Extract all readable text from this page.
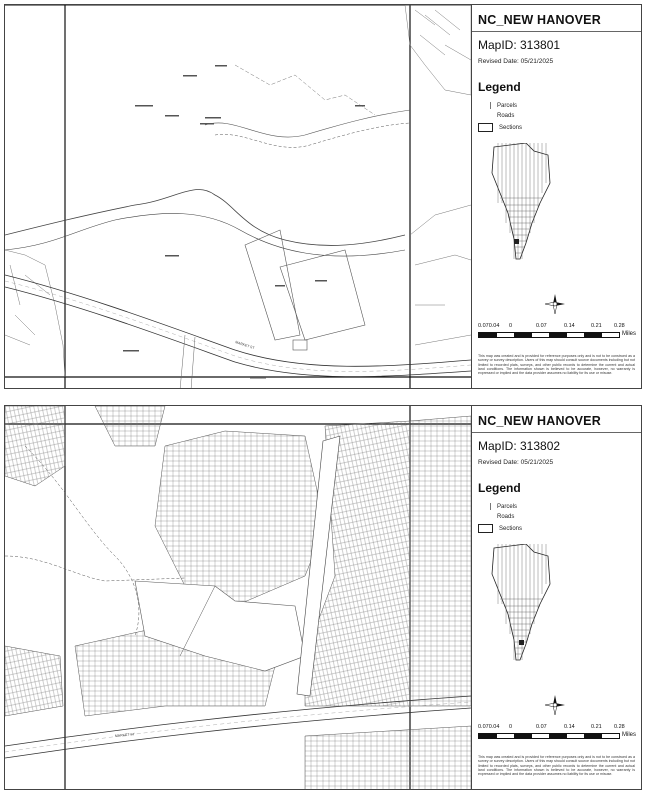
MARKET ST
NC_NEW HANOVER
MapID: 313801
Revised Date: 05/21/2025
Legend
Parcels
Roads
Sections
0.070.04 0	0.07	0.14	0.21 0.28
Miles
This map was created and is provided for reference purposes only and is not to be construed as a survey or survey description. Users of this map should consult source documents including but not limited to recorded plats, surveys, and other public records to determine the current and actual land conditions. The information shown is believed to be accurate, however, no warranty is expressed or implied and the data provider assumes no liability for its use or misuse.
MARKET ST
NC_NEW HANOVER
MapID: 313802
Revised Date: 05/21/2025
Legend
Parcels
Roads
Sections
0.070.04 0	0.07	0.14	0.21 0.28
Miles
This map was created and is provided for reference purposes only and is not to be construed as a survey or survey description. Users of this map should consult source documents including but not limited to recorded plats, surveys, and other public records to determine the current and actual land conditions. The information shown is believed to be accurate, however, no warranty is expressed or implied and the data provider assumes no liability for its use or misuse.
